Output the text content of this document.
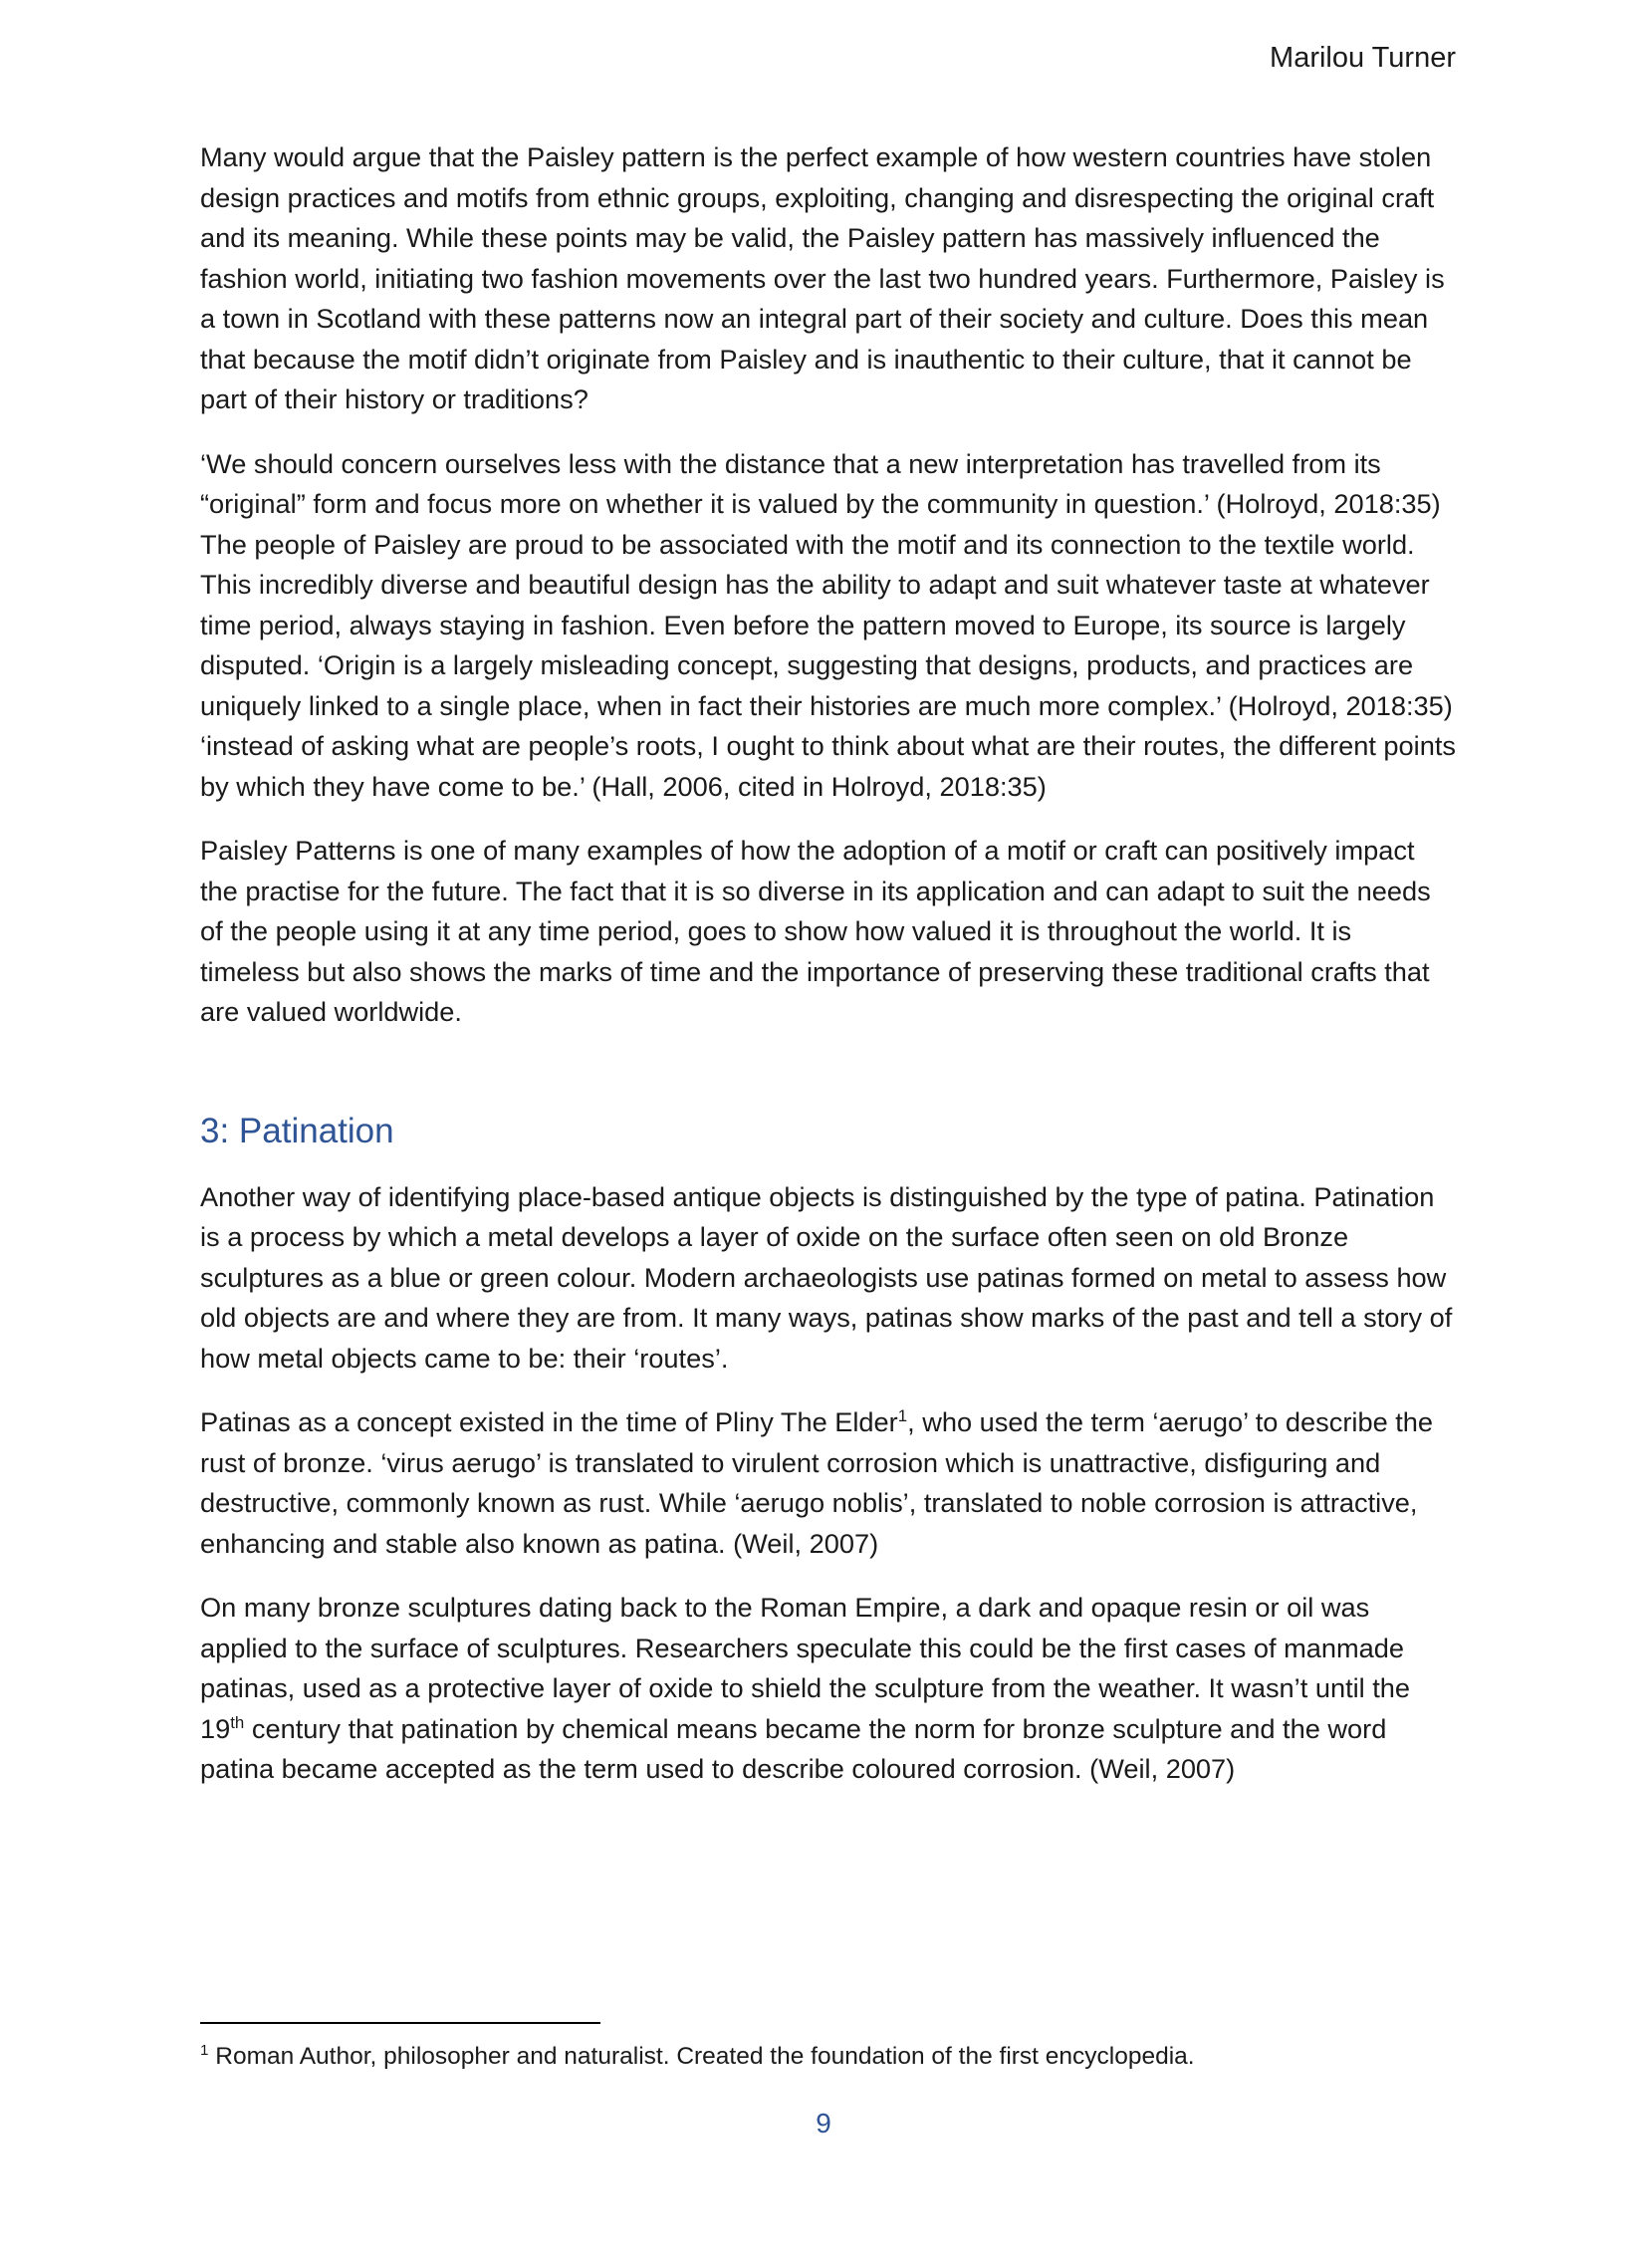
Marilou Turner

Many would argue that the Paisley pattern is the perfect example of how western countries have stolen design practices and motifs from ethnic groups, exploiting, changing and disrespecting the original craft and its meaning. While these points may be valid, the Paisley pattern has massively influenced the fashion world, initiating two fashion movements over the last two hundred years. Furthermore, Paisley is a town in Scotland with these patterns now an integral part of their society and culture. Does this mean that because the motif didn’t originate from Paisley and is inauthentic to their culture, that it cannot be part of their history or traditions?

‘We should concern ourselves less with the distance that a new interpretation has travelled from its “original” form and focus more on whether it is valued by the community in question.’ (Holroyd, 2018:35) The people of Paisley are proud to be associated with the motif and its connection to the textile world. This incredibly diverse and beautiful design has the ability to adapt and suit whatever taste at whatever time period, always staying in fashion. Even before the pattern moved to Europe, its source is largely disputed. ‘Origin is a largely misleading concept, suggesting that designs, products, and practices are uniquely linked to a single place, when in fact their histories are much more complex.’ (Holroyd, 2018:35) ‘instead of asking what are people’s roots, I ought to think about what are their routes, the different points by which they have come to be.’ (Hall, 2006, cited in Holroyd, 2018:35)

Paisley Patterns is one of many examples of how the adoption of a motif or craft can positively impact the practise for the future. The fact that it is so diverse in its application and can adapt to suit the needs of the people using it at any time period, goes to show how valued it is throughout the world. It is timeless but also shows the marks of time and the importance of preserving these traditional crafts that are valued worldwide.

3: Patination

Another way of identifying place-based antique objects is distinguished by the type of patina. Patination is a process by which a metal develops a layer of oxide on the surface often seen on old Bronze sculptures as a blue or green colour. Modern archaeologists use patinas formed on metal to assess how old objects are and where they are from. It many ways, patinas show marks of the past and tell a story of how metal objects came to be: their ‘routes’.

Patinas as a concept existed in the time of Pliny The Elder$^1$, who used the term ‘aerugo’ to describe the rust of bronze. ‘virus aerugo’ is translated to virulent corrosion which is unattractive, disfiguring and destructive, commonly known as rust. While ‘aerugo noblis’, translated to noble corrosion is attractive, enhancing and stable also known as patina. (Weil, 2007)

On many bronze sculptures dating back to the Roman Empire, a dark and opaque resin or oil was applied to the surface of sculptures. Researchers speculate this could be the first cases of manmade patinas, used as a protective layer of oxide to shield the sculpture from the weather. It wasn’t until the 19th century that patination by chemical means became the norm for bronze sculpture and the word patina became accepted as the term used to describe coloured corrosion. (Weil, 2007)

$^1$ Roman Author, philosopher and naturalist. Created the foundation of the first encyclopedia.
9
